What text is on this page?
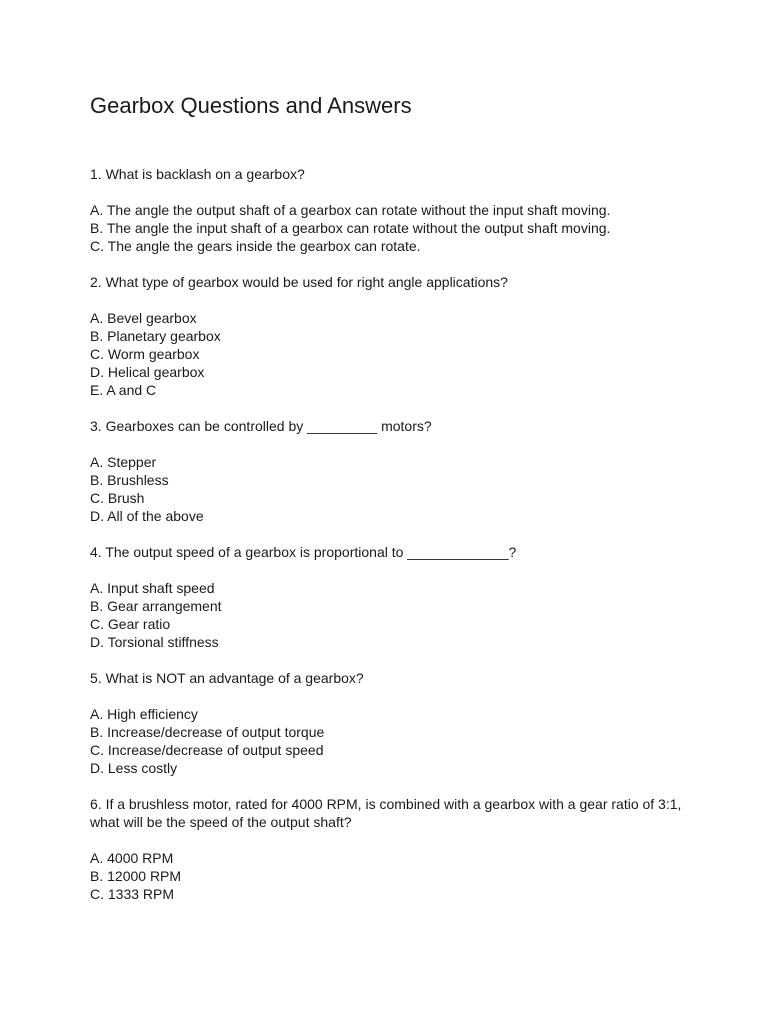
Gearbox Questions and Answers
1. What is backlash on a gearbox?
A. The angle the output shaft of a gearbox can rotate without the input shaft moving.
B. The angle the input shaft of a gearbox can rotate without the output shaft moving.
C. The angle the gears inside the gearbox can rotate.
2. What type of gearbox would be used for right angle applications?
A. Bevel gearbox
B. Planetary gearbox
C. Worm gearbox
D. Helical gearbox
E. A and C
3. Gearboxes can be controlled by _________ motors?
A. Stepper
B. Brushless
C. Brush
D. All of the above
4. The output speed of a gearbox is proportional to _____________?
A. Input shaft speed
B. Gear arrangement
C. Gear ratio
D. Torsional stiffness
5. What is NOT an advantage of a gearbox?
A. High efficiency
B. Increase/decrease of output torque
C. Increase/decrease of output speed
D. Less costly
6. If a brushless motor, rated for 4000 RPM, is combined with a gearbox with a gear ratio of 3:1, what will be the speed of the output shaft?
A. 4000 RPM
B. 12000 RPM
C. 1333 RPM
